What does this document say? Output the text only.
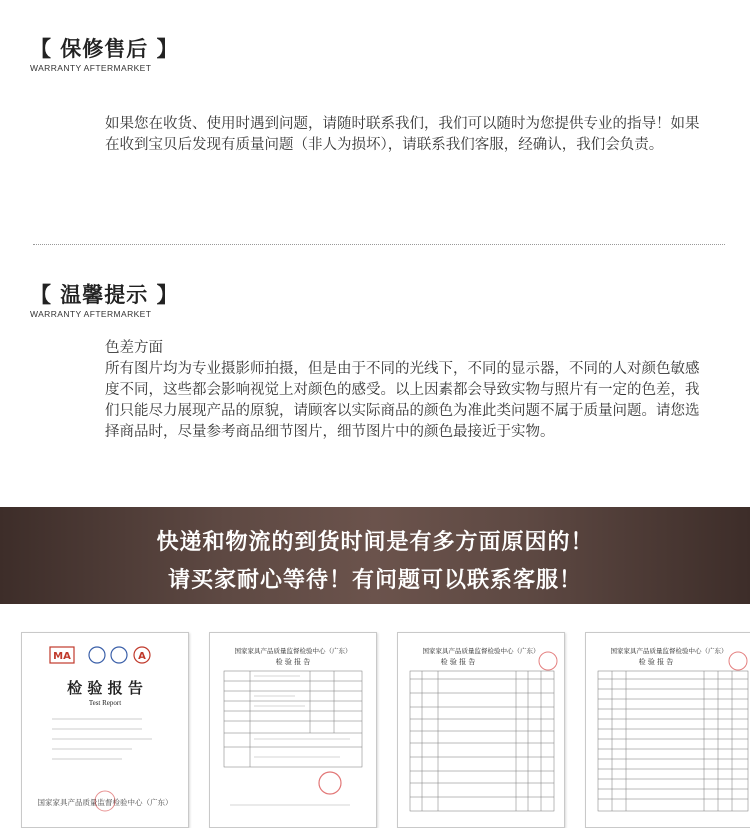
【 保修售后 】
WARRANTY AFTERMARKET
如果您在收货、使用时遇到问题，请随时联系我们，我们可以随时为您提供专业的指导！如果在收到宝贝后发现有质量问题（非人为损坏），请联系我们客服，经确认，我们会负责。
【 温馨提示 】
WARRANTY AFTERMARKET
色差方面
所有图片均为专业摄影师拍摄，但是由于不同的光线下，不同的显示器，不同的人对颜色敏感度不同，这些都会影响视觉上对颜色的感受。以上因素都会导致实物与照片有一定的色差，我们只能尽力展现产品的原貌，请顾客以实际商品的颜色为准此类问题不属于质量问题。请您选择商品时，尽量参考商品细节图片，细节图片中的颜色最接近于实物。
快递和物流的到货时间是有多方面原因的！
请买家耐心等待！有问题可以联系客服！
MA	A
检 验 报 告
Test Report
国家家具产品质量监督检验中心（广东）
国家家具产品质量监督检验中心（广东）
检 验 报 告
国家家具产品质量监督检验中心（广东）
检 验 报 告
国家家具产品质量监督检验中心（广东）
检 验 报 告
